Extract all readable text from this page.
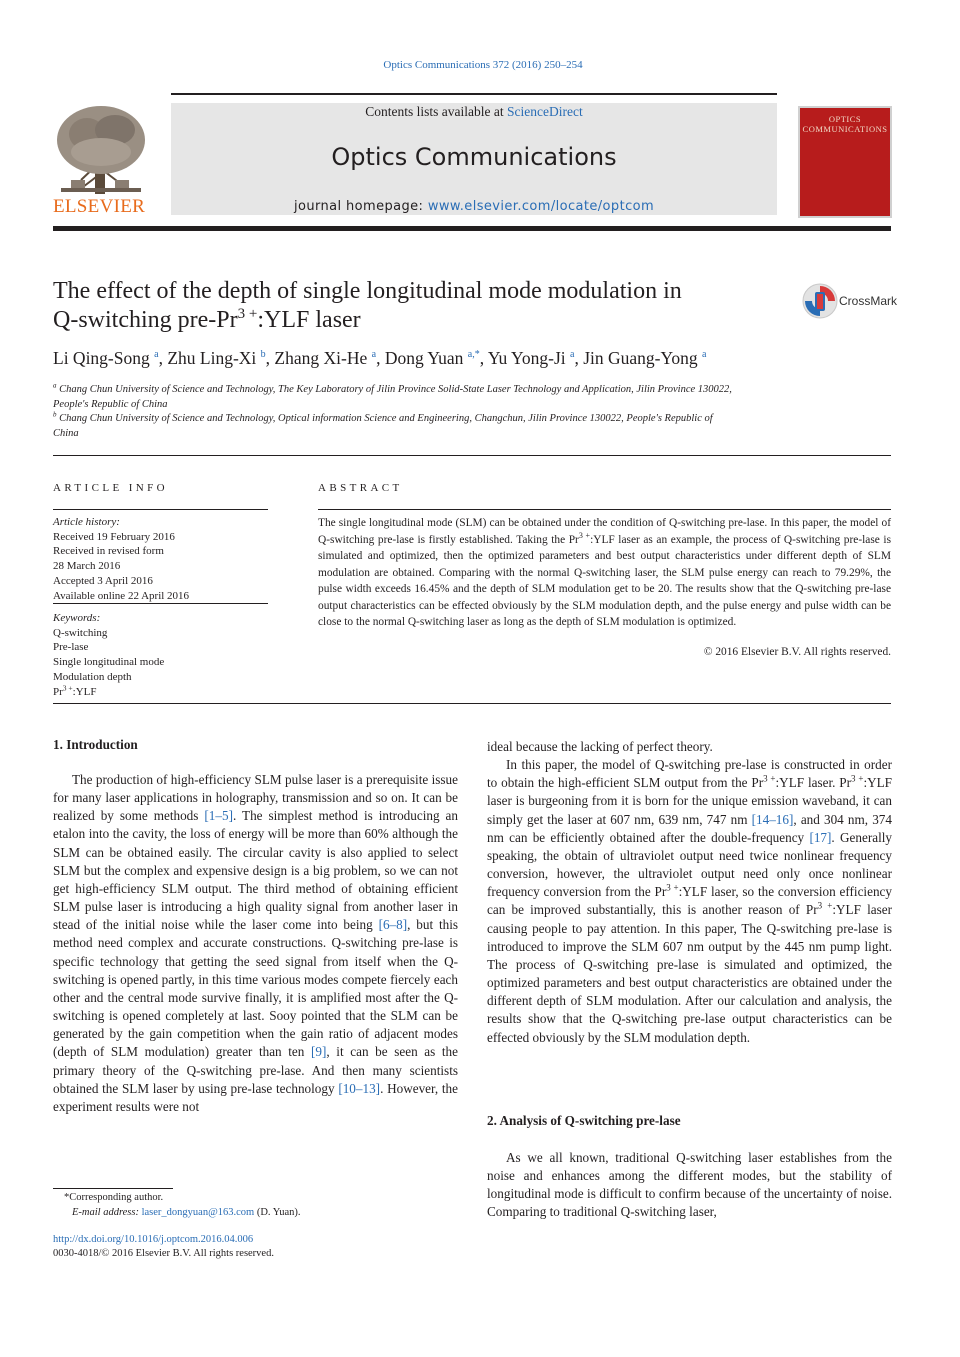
Optics Communications 372 (2016) 250–254
Contents lists available at ScienceDirect
Optics Communications
journal homepage: www.elsevier.com/locate/optcom
ELSEVIER
OPTICS
COMMUNICATIONS
The effect of the depth of single longitudinal mode modulation in
Q-switching pre-$Pr^{3 +}:YLF$ laser
CrossMark
Li Qing-Song $^a$, Zhu Ling-Xi $^b$, Zhang Xi-He $^a$, Dong Yuan $^{a,*}$, Yu Yong-Ji $^a$, Jin Guang-Yong $^a$
$^a$ Chang Chun University of Science and Technology, The Key Laboratory of Jilin Province Solid-State Laser Technology and Application, Jilin Province 130022,
People's Republic of China
$^b$ Chang Chun University of Science and Technology, Optical information Science and Engineering, Changchun, Jilin Province 130022, People's Republic of
China
ARTICLE INFO
Article history:
Received 19 February 2016
Received in revised form
28 March 2016
Accepted 3 April 2016
Available online 22 April 2016
Keywords:
Q-switching
Pre-lase
Single longitudinal mode
Modulation depth
$Pr^{3 +}:YLF$
ABSTRACT
The single longitudinal mode (SLM) can be obtained under the condition of Q-switching pre-lase. In this paper, the model of Q-switching pre-lase is firstly established. Taking the $Pr^{3 +}:YLF$ laser as an example, the process of Q-switching pre-lase is simulated and optimized, then the optimized parameters and best output characteristics under different depth of SLM modulation are obtained. Comparing with the normal Q-switching laser, the SLM pulse energy can reach to 79.29%, the pulse width exceeds 16.45% and the depth of SLM modulation get to be 20. The results show that the Q-switching pre-lase output characteristics can be effected obviously by the SLM modulation depth, and the pulse energy and pulse width can be close to the normal Q-switching laser as long as the depth of SLM modulation is optimized.
© 2016 Elsevier B.V. All rights reserved.
1. Introduction

The production of high-efficiency SLM pulse laser is a prerequisite issue for many laser applications in holography, transmission and so on. It can be realized by some methods [1–5]. The simplest method is introducing an etalon into the cavity, the loss of energy will be more than 60% although the SLM can be obtained easily. The circular cavity is also applied to select SLM but the complex and expensive design is a big problem, so we can not get high-efficiency SLM output. The third method of obtaining efficient SLM pulse laser is introducing a high quality signal from another laser in stead of the initial noise while the laser come into being [6–8], but this method need complex and accurate constructions. Q-switching pre-lase is specific technology that getting the seed signal from itself when the Q-switching is opened partly, in this time various modes compete fiercely each other and the central mode survive finally, it is amplified most after the Q-switching is opened completely at last. Sooy pointed that the SLM can be generated by the gain competition when the gain ratio of adjacent modes (depth of SLM modulation) greater than ten [9], it can be seen as the primary theory of the Q-switching pre-lase. And then many scientists obtained the SLM laser by using pre-lase technology [10–13]. However, the experiment results were not

*Corresponding author.
E-mail address: laser_dongyuan@163.com (D. Yuan).
http://dx.doi.org/10.1016/j.optcom.2016.04.006
0030-4018/© 2016 Elsevier B.V. All rights reserved.

ideal because the lacking of perfect theory.

In this paper, the model of Q-switching pre-lase is constructed in order to obtain the high-efficient SLM output from the $Pr^{3 +}:YLF$ laser. $Pr^{3 +}:YLF$ laser is burgeoning from it is born for the unique emission waveband, it can simply get the laser at 607 nm, 639 nm, 747 nm [14–16], and 304 nm, 374 nm can be efficiently obtained after the double-frequency [17]. Generally speaking, the obtain of ultraviolet output need twice nonlinear frequency conversion, however, the ultraviolet output need only once nonlinear frequency conversion from the $Pr^{3 +}:YLF$ laser, so the conversion efficiency can be improved substantially, this is another reason of $Pr^{3 +}:YLF$ laser causing people to pay attention. In this paper, The Q-switching pre-lase is introduced to improve the SLM 607 nm output by the 445 nm pump light. The process of Q-switching pre-lase is simulated and optimized, the optimized parameters and best output characteristics are obtained under the different depth of SLM modulation. After our calculation and analysis, the results show that the Q-switching pre-lase output characteristics can be effected obviously by the SLM modulation depth.

2. Analysis of Q-switching pre-lase

As we all known, traditional Q-switching laser establishes from the noise and enhances among the different modes, but the stability of longitudinal mode is difficult to confirm because of the uncertainty of noise. Comparing to traditional Q-switching laser,
